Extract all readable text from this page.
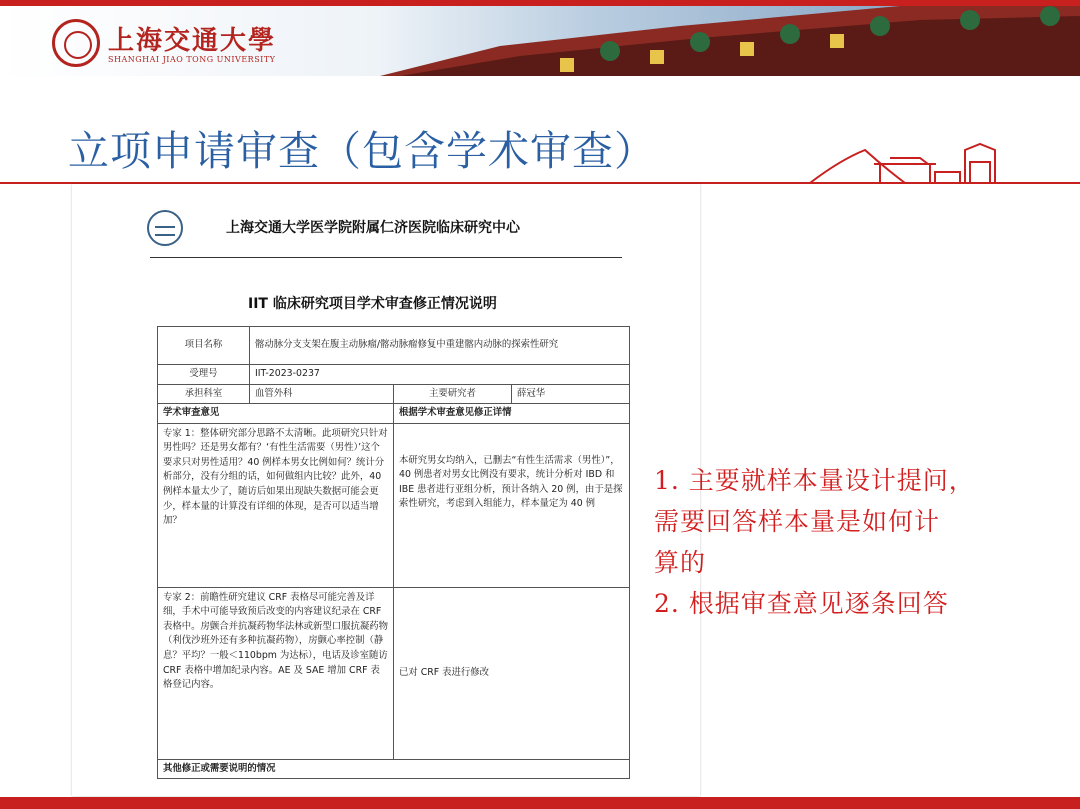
上海交通大學
SHANGHAI JIAO TONG UNIVERSITY
立项申请审查（包含学术审查）
上海交通大学医学院附属仁济医院临床研究中心
IIT 临床研究项目学术审查修正情况说明
项目名称	髂动脉分支支架在腹主动脉瘤/髂动脉瘤修复中重建髂内动脉的探索性研究		
受理号	IIT-2023-0237		
承担科室	血管外科	主要研究者	薛冠华
学术审查意见		根据学术审查意见修正详情	
专家 1：整体研究部分思路不太清晰。此项研究只针对男性吗？还是男女都有？‘有性生活需要（男性）’这个要求只对男性适用？40 例样本男女比例如何？统计分析部分，没有分组的话，如何做组内比较？此外，40 例样本量太少了，随访后如果出现缺失数据可能会更少，样本量的计算没有详细的体现，是否可以适当增加？		本研究男女均纳入，已删去“有性生活需求（男性）”，40 例患者对男女比例没有要求，统计分析对 IBD 和 IBE 患者进行亚组分析，预计各纳入 20 例，由于是探索性研究，考虑到入组能力，样本量定为 40 例	
专家 2：前瞻性研究建议 CRF 表格尽可能完善及详细，手术中可能导致预后改变的内容建议纪录在 CRF 表格中。房颤合并抗凝药物华法林或新型口服抗凝药物（利伐沙班外还有多种抗凝药物），房颤心率控制（静息？平均？一般＜110bpm 为达标），电话及诊室随访 CRF 表格中增加纪录内容。AE 及 SAE 增加 CRF 表格登记内容。		已对 CRF 表进行修改	
其他修正或需要说明的情况			

1. 主要就样本量设计提问，

需要回答样本量是如何计

算的

2. 根据审查意见逐条回答
